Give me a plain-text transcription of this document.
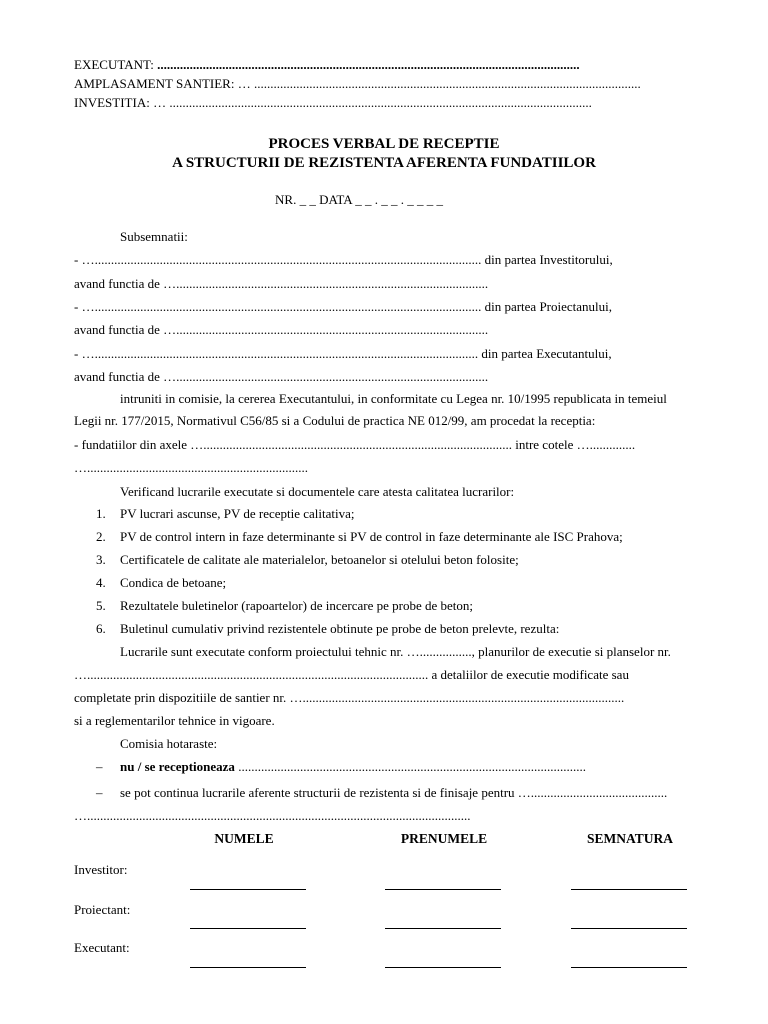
EXECUTANT: ..................................................................................................................................
AMPLASAMENT SANTIER: … .......................................................................................................................
INVESTITIA: … ..................................................................................................................................
PROCES VERBAL DE RECEPTIE
A STRUCTURII DE REZISTENTA AFERENTA FUNDATIILOR
NR. _ _ DATA _ _ . _ _ . _ _ _ _
Subsemnatii:
- …....................................................................................................................... din partea Investitorului,
avand functia de …................................................................................................
- …....................................................................................................................... din partea Proiectanului,
avand functia de …................................................................................................
- …...................................................................................................................... din partea Executantului,
avand functia de …................................................................................................
intruniti in comisie, la cererea Executantului, in conformitate cu Legea nr. 10/1995 republicata in temeiul
Legii nr. 177/2015, Normativul C56/85 si a Codului de practica NE 012/99, am procedat la receptia:
- fundatiilor din axele …............................................................................................... intre cotele …..............
…....................................................................
Verificand lucrarile executate si documentele care atesta calitatea lucrarilor:
1. PV lucrari ascunse, PV de receptie calitativa;
2. PV de control intern in faze determinante si PV de control in faze determinante ale ISC Prahova;
3. Certificatele de calitate ale materialelor, betoanelor si otelului beton folosite;
4. Condica de betoane;
5. Rezultatele buletinelor (rapoartelor) de incercare pe probe de beton;
6. Buletinul cumulativ privind rezistentele obtinute pe probe de beton prelevte, rezulta:
Lucrarile sunt executate conform proiectului tehnic nr. …................, planurilor de executie si planselor nr.
…......................................................................................................... a detaliilor de executie modificate sau
completate prin dispozitiile de santier nr. …...................................................................................................
si a reglementarilor tehnice in vigoare.
Comisia hotaraste:
– nu / se receptioneaza ...........................................................................................................
– se pot continua lucrarile aferente structurii de rezistenta si de finisaje pentru …..........................................
…......................................................................................................................
NUMELE	PRENUMELE	SEMNATURA
Investitor:
Proiectant:
Executant:
